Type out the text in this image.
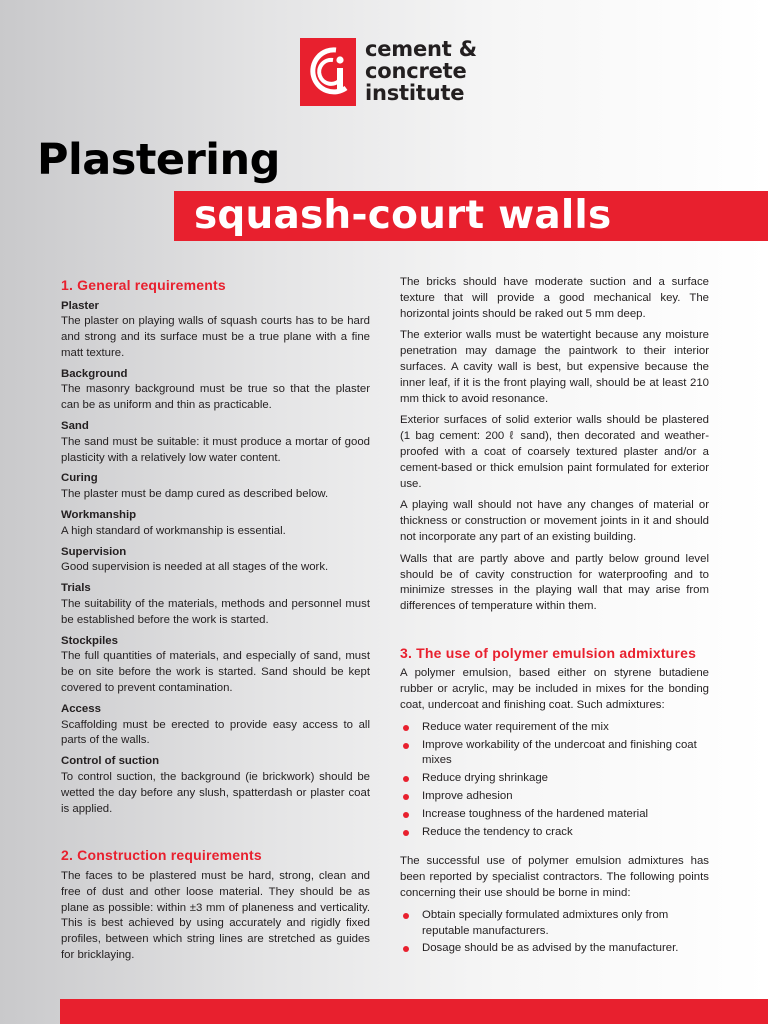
cement &
concrete
institute
Plastering
squash-court walls
1. General requirements
Plaster

The plaster on playing walls of squash courts has to be hard and strong and its surface must be a true plane with a fine matt texture.

Background

The masonry background must be true so that the plaster can be as uniform and thin as practicable.

Sand

The sand must be suitable: it must produce a mortar of good plasticity with a relatively low water content.

Curing

The plaster must be damp cured as described below.

Workmanship

A high standard of workmanship is essential.

Supervision

Good supervision is needed at all stages of the work.

Trials

The suitability of the materials, methods and personnel must be established before the work is started.

Stockpiles

The full quantities of materials, and especially of sand, must be on site before the work is started. Sand should be kept covered to prevent contamination.

Access

Scaffolding must be erected to provide easy access to all parts of the walls.

Control of suction

To control suction, the background (ie brickwork) should be wetted the day before any slush, spatterdash or plaster coat is applied.

2. Construction requirements

The faces to be plastered must be hard, strong, clean and free of dust and other loose material. They should be as plane as possible: within ±3 mm of planeness and verticality. This is best achieved by using accurately and rigidly fixed profiles, between which string lines are stretched as guides for bricklaying.

The bricks should have moderate suction and a surface texture that will provide a good mechanical key. The horizontal joints should be raked out 5 mm deep.

The exterior walls must be watertight because any moisture penetration may damage the paintwork to their interior surfaces. A cavity wall is best, but expensive because the inner leaf, if it is the front playing wall, should be at least 210 mm thick to avoid resonance.

Exterior surfaces of solid exterior walls should be plastered (1 bag cement: 200 ℓ sand), then decorated and weather-proofed with a coat of coarsely textured plaster and/or a cement-based or thick emulsion paint formulated for exterior use.

A playing wall should not have any changes of material or thickness or construction or movement joints in it and should not incorporate any part of an existing building.

Walls that are partly above and partly below ground level should be of cavity construction for waterproofing and to minimize stresses in the playing wall that may arise from differences of temperature within them.

3. The use of polymer emulsion admixtures

A polymer emulsion, based either on styrene butadiene rubber or acrylic, may be included in mixes for the bonding coat, undercoat and finishing coat. Such admixtures:

Reduce water requirement of the mix
Improve workability of the undercoat and finishing coat mixes
Reduce drying shrinkage
Improve adhesion
Increase toughness of the hardened material
Reduce the tendency to crack

The successful use of polymer emulsion admixtures has been reported by specialist contractors. The following points concerning their use should be borne in mind:

Obtain specially formulated admixtures only from reputable manufacturers.
Dosage should be as advised by the manufacturer.
